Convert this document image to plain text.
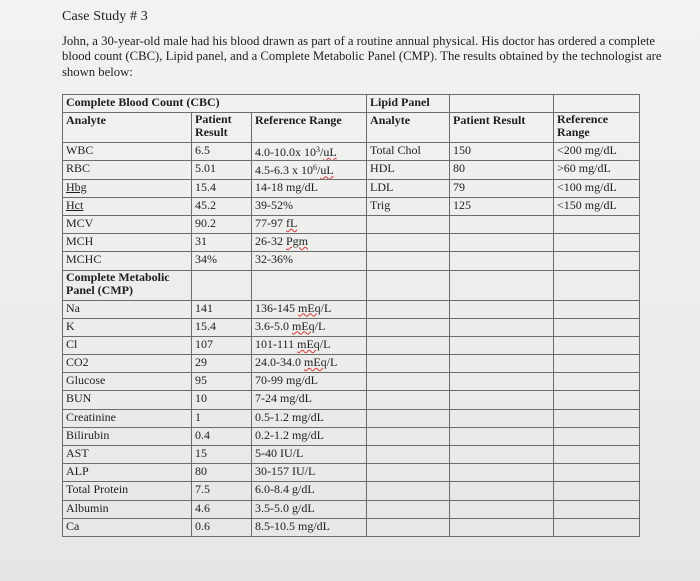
Case Study # 3
John, a 30-year-old male had his blood drawn as part of a routine annual physical. His doctor has ordered a complete blood count (CBC), Lipid panel, and a Complete Metabolic Panel (CMP). The results obtained by the technologist are shown below:
Complete Blood Count (CBC)			Lipid Panel		
Analyte	Patient Result	Reference Range	Analyte	Patient Result	Reference Range
WBC	6.5	4.0-10.0x $10^3/uL$	Total Chol	150	<200 mg/dL
RBC	5.01	4.5-6.3 x $10^6/uL$	HDL	80	>60 mg/dL
Hbg	15.4	14-18 mg/dL	LDL	79	<100 mg/dL
Hct	45.2	39-52%	Trig	125	<150 mg/dL
MCV	90.2	77-97 fL			
MCH	31	26-32 Pgm			
MCHC	34%	32-36%			
Complete Metabolic Panel (CMP)					
Na	141	136-145 mEq/L			
K	15.4	3.6-5.0 mEq/L			
Cl	107	101-111 mEq/L			
CO2	29	24.0-34.0 mEq/L			
Glucose	95	70-99 mg/dL			
BUN	10	7-24 mg/dL			
Creatinine	1	0.5-1.2 mg/dL			
Bilirubin	0.4	0.2-1.2 mg/dL			
AST	15	5-40 IU/L			
ALP	80	30-157 IU/L			
Total Protein	7.5	6.0-8.4 g/dL			
Albumin	4.6	3.5-5.0 g/dL			
Ca	0.6	8.5-10.5 mg/dL			
